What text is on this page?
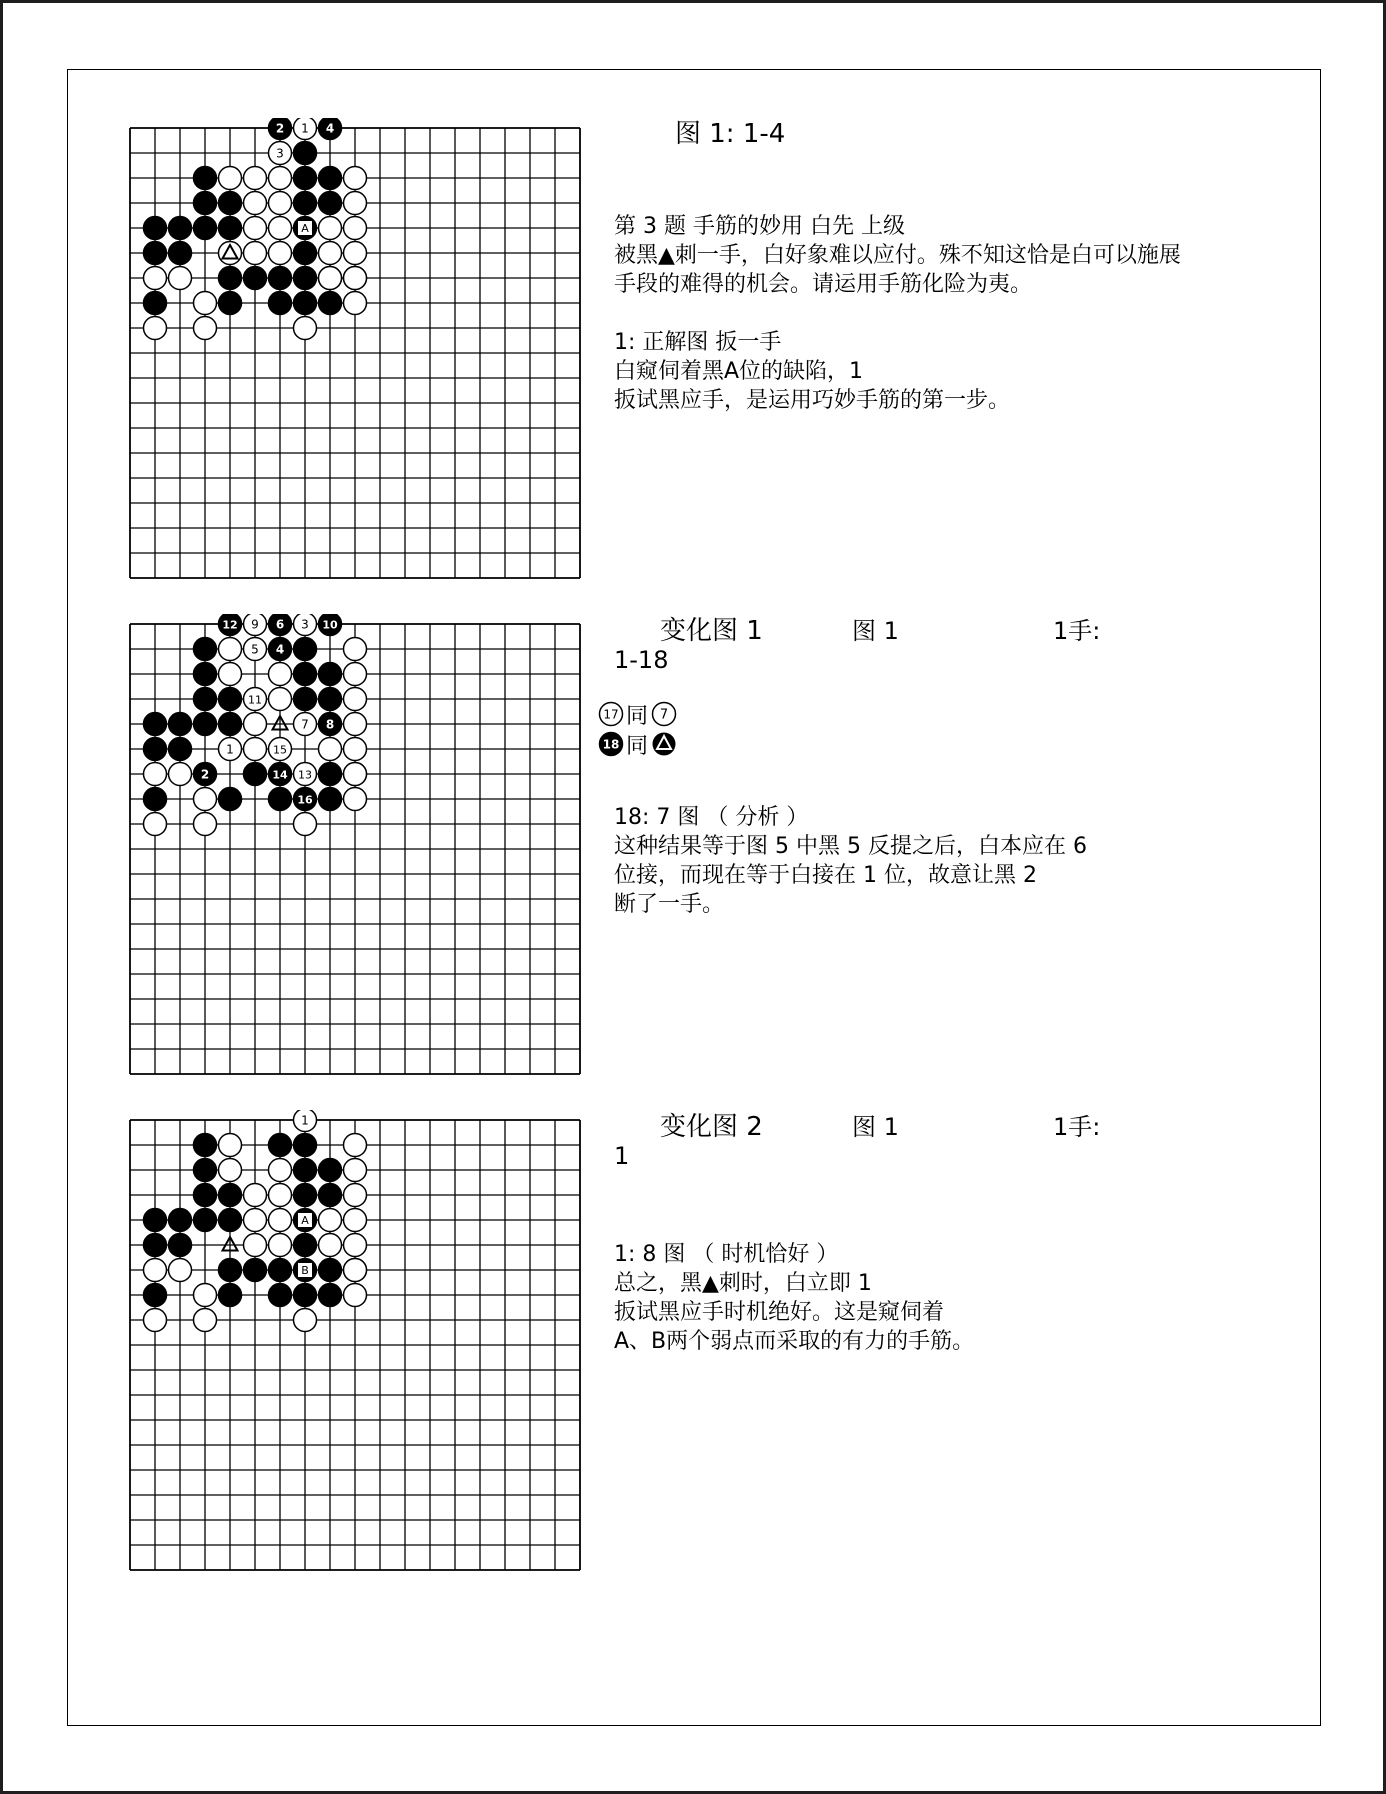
2 1 4
3
A
图 1: 1-4
第 3 题 手筋的妙用 白先 上级
被黑▲刺一手，白好象难以应付。殊不知这恰是白可以施展
手段的难得的机会。请运用手筋化险为夷。
1: 正解图 扳一手
白窥伺着黑A位的缺陷，1
扳试黑应手，是运用巧妙手筋的第一步。
12 9 6 3 10
5 4
11
7 8
1	15
2	14 13
16
变化图 1	图 1	1手:
1-18
17 同 7
18 同
18: 7 图 （ 分析 ）
这种结果等于图 5 中黑 5 反提之后，白本应在 6
位接，而现在等于白接在 1 位，故意让黑 2
断了一手。
1
A
B
变化图 2	图 1	1手:
1
1: 8 图 （ 时机恰好 ）
总之，黑▲刺时，白立即 1
扳试黑应手时机绝好。这是窥伺着
A、B两个弱点而采取的有力的手筋。
